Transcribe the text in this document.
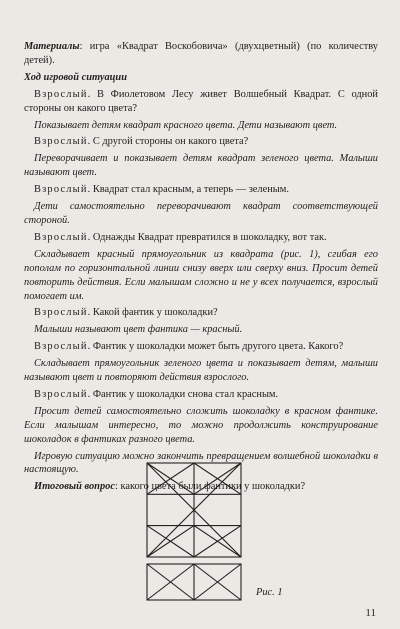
Материалы: игра «Квадрат Воскобовича» (двухцветный) (по количеству детей).

Ход игровой ситуации

Взрослый. В Фиолетовом Лесу живет Волшебный Квадрат. С одной стороны он какого цвета?

Показывает детям квадрат красного цвета. Дети называют цвет.

Взрослый. С другой стороны он какого цвета?

Переворачивает и показывает детям квадрат зеленого цвета. Малыши называют цвет.

Взрослый. Квадрат стал красным, а теперь — зеленым.

Дети самостоятельно переворачивают квадрат соответствующей стороной.

Взрослый. Однажды Квадрат превратился в шоколадку, вот так.

Складывает красный прямоугольник из квадрата (рис. 1), сгибая его пополам по горизонтальной линии снизу вверх или сверху вниз. Просит детей повторить действия. Если малышам сложно и не у всех получается, взрослый помогает им.

Взрослый. Какой фантик у шоколадки?

Малыши называют цвет фантика — красный.

Взрослый. Фантик у шоколадки может быть другого цвета. Какого?

Складывает прямоугольник зеленого цвета и показывает детям, малыши называют цвет и повторяют действия взрослого.

Взрослый. Фантик у шоколадки снова стал красным.

Просит детей самостоятельно сложить шоколадку в красном фантике. Если малышам интересно, то можно продолжить конструирование шоколадок в фантиках разного цвета.

Игровую ситуацию можно закончить превращением волшебной шоколадки в настоящую.

Итоговый вопрос: какого цвета были фантики у шоколадки?

Рис. 1
11
